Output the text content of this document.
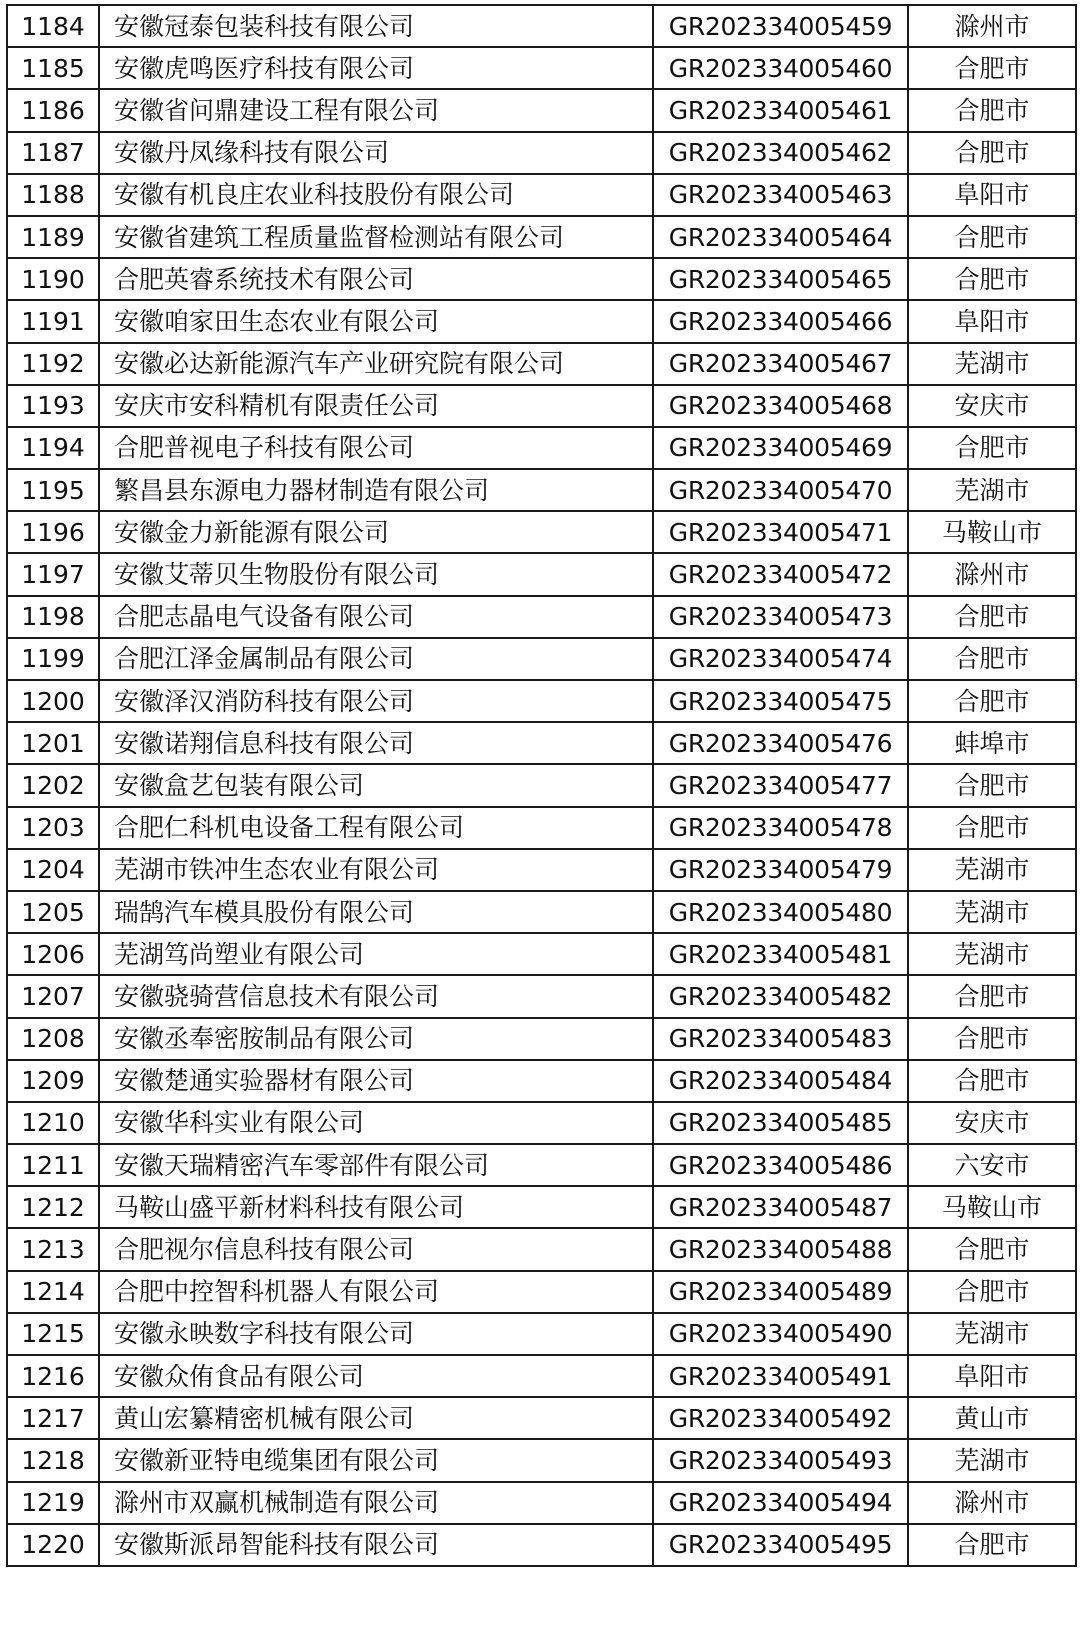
1184	安徽冠泰包装科技有限公司	GR202334005459	滁州市
1185	安徽虎鸣医疗科技有限公司	GR202334005460	合肥市
1186	安徽省问鼎建设工程有限公司	GR202334005461	合肥市
1187	安徽丹凤缘科技有限公司	GR202334005462	合肥市
1188	安徽有机良庄农业科技股份有限公司	GR202334005463	阜阳市
1189	安徽省建筑工程质量监督检测站有限公司	GR202334005464	合肥市
1190	合肥英睿系统技术有限公司	GR202334005465	合肥市
1191	安徽咱家田生态农业有限公司	GR202334005466	阜阳市
1192	安徽必达新能源汽车产业研究院有限公司	GR202334005467	芜湖市
1193	安庆市安科精机有限责任公司	GR202334005468	安庆市
1194	合肥普视电子科技有限公司	GR202334005469	合肥市
1195	繁昌县东源电力器材制造有限公司	GR202334005470	芜湖市
1196	安徽金力新能源有限公司	GR202334005471	马鞍山市
1197	安徽艾蒂贝生物股份有限公司	GR202334005472	滁州市
1198	合肥志晶电气设备有限公司	GR202334005473	合肥市
1199	合肥江泽金属制品有限公司	GR202334005474	合肥市
1200	安徽泽汉消防科技有限公司	GR202334005475	合肥市
1201	安徽诺翔信息科技有限公司	GR202334005476	蚌埠市
1202	安徽盒艺包装有限公司	GR202334005477	合肥市
1203	合肥仁科机电设备工程有限公司	GR202334005478	合肥市
1204	芜湖市铁冲生态农业有限公司	GR202334005479	芜湖市
1205	瑞鹄汽车模具股份有限公司	GR202334005480	芜湖市
1206	芜湖笃尚塑业有限公司	GR202334005481	芜湖市
1207	安徽骁骑营信息技术有限公司	GR202334005482	合肥市
1208	安徽丞奉密胺制品有限公司	GR202334005483	合肥市
1209	安徽楚通实验器材有限公司	GR202334005484	合肥市
1210	安徽华科实业有限公司	GR202334005485	安庆市
1211	安徽天瑞精密汽车零部件有限公司	GR202334005486	六安市
1212	马鞍山盛平新材料科技有限公司	GR202334005487	马鞍山市
1213	合肥视尔信息科技有限公司	GR202334005488	合肥市
1214	合肥中控智科机器人有限公司	GR202334005489	合肥市
1215	安徽永映数字科技有限公司	GR202334005490	芜湖市
1216	安徽众侑食品有限公司	GR202334005491	阜阳市
1217	黄山宏纂精密机械有限公司	GR202334005492	黄山市
1218	安徽新亚特电缆集团有限公司	GR202334005493	芜湖市
1219	滁州市双赢机械制造有限公司	GR202334005494	滁州市
1220	安徽斯派昂智能科技有限公司	GR202334005495	合肥市
